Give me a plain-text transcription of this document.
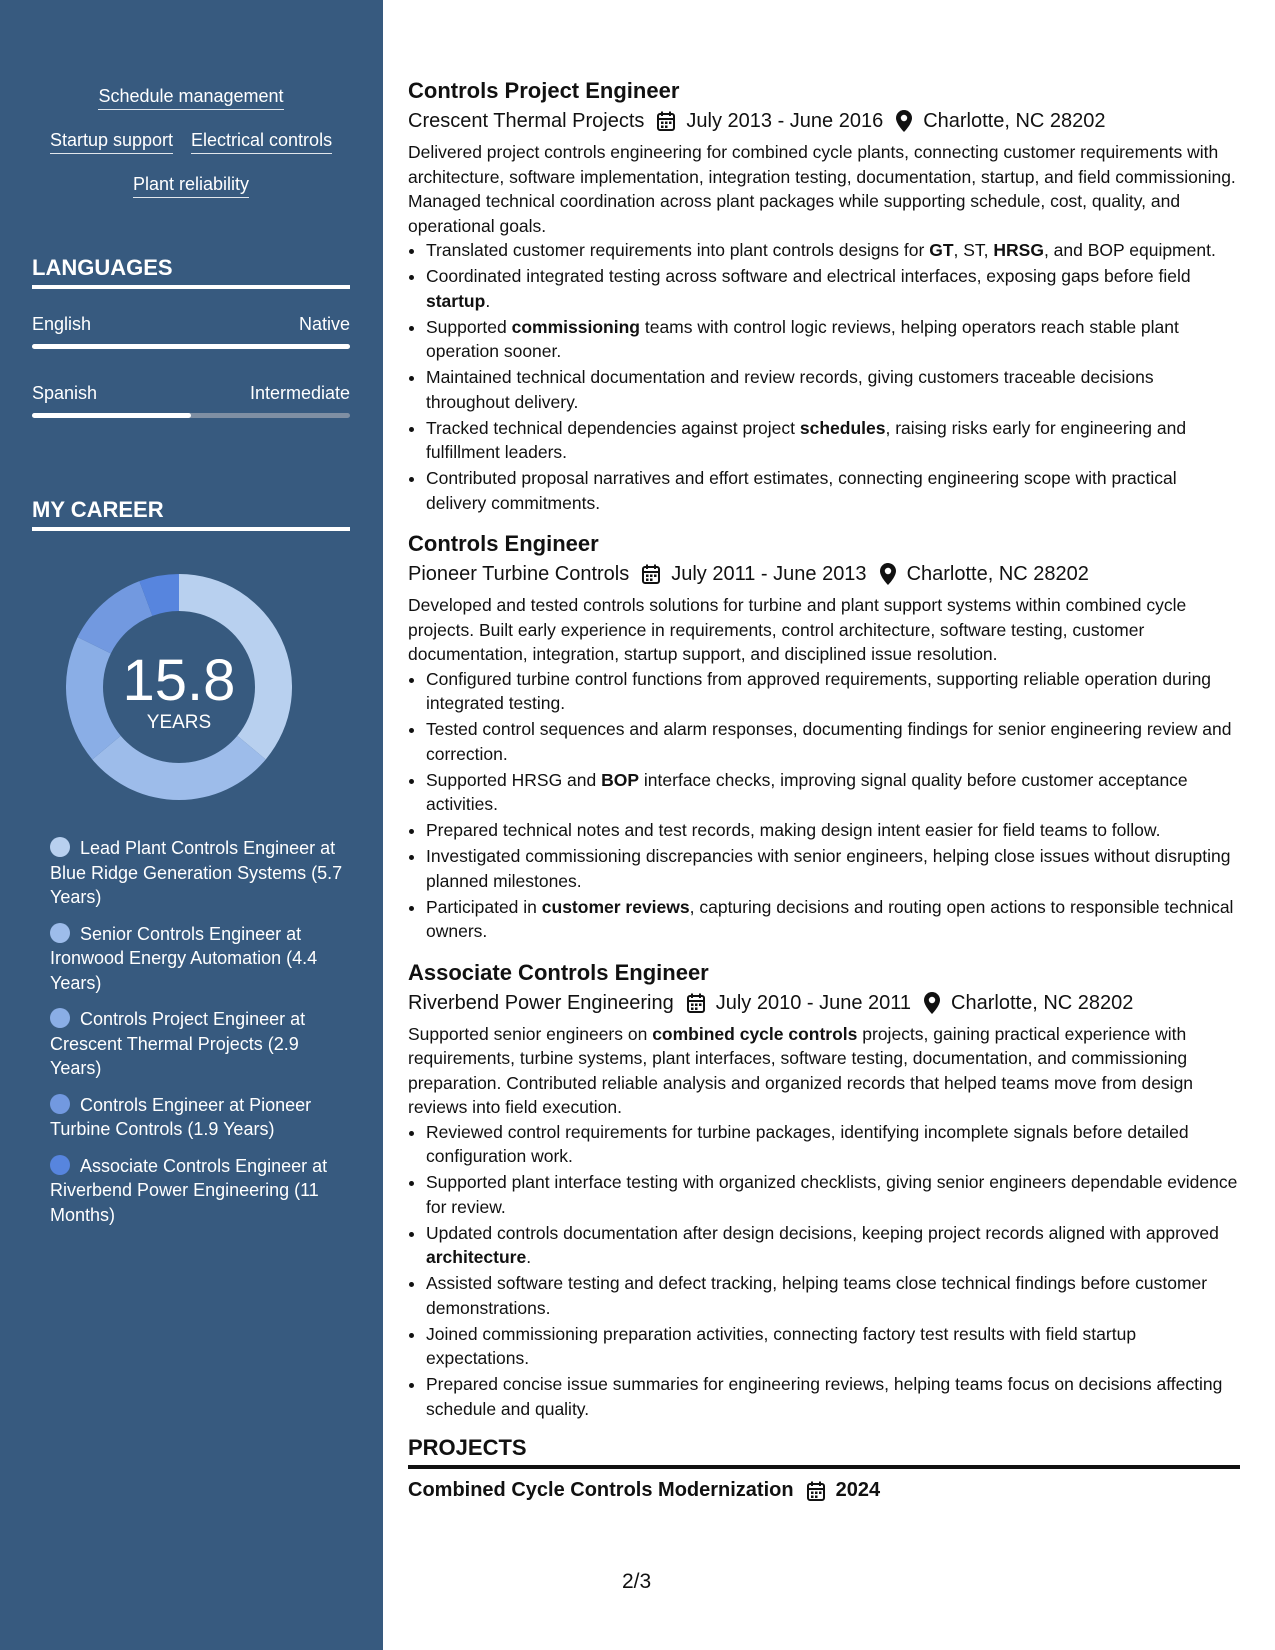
Schedule management
Startup support Electrical controls
Plant reliability
LANGUAGES
English	Native
Spanish	Intermediate
MY CAREER
15.8
YEARS
Lead Plant Controls Engineer at Blue Ridge Generation Systems (5.7 Years)
Senior Controls Engineer at Ironwood Energy Automation (4.4 Years)
Controls Project Engineer at Crescent Thermal Projects (2.9 Years)
Controls Engineer at Pioneer Turbine Controls (1.9 Years)
Associate Controls Engineer at Riverbend Power Engineering (11 Months)
Controls Project Engineer
Crescent Thermal Projects July 2013 - June 2016 Charlotte, NC 28202
Delivered project controls engineering for combined cycle plants, connecting customer requirements with architecture, software implementation, integration testing, documentation, startup, and field commissioning. Managed technical coordination across plant packages while supporting schedule, cost, quality, and operational goals.
• Translated customer requirements into plant controls designs for GT, ST, HRSG, and BOP equipment.
• Coordinated integrated testing across software and electrical interfaces, exposing gaps before field startup.
• Supported commissioning teams with control logic reviews, helping operators reach stable plant operation sooner.
• Maintained technical documentation and review records, giving customers traceable decisions throughout delivery.
• Tracked technical dependencies against project schedules, raising risks early for engineering and fulfillment leaders.
• Contributed proposal narratives and effort estimates, connecting engineering scope with practical delivery commitments.
Controls Engineer
Pioneer Turbine Controls July 2011 - June 2013 Charlotte, NC 28202
Developed and tested controls solutions for turbine and plant support systems within combined cycle projects. Built early experience in requirements, control architecture, software testing, customer documentation, integration, startup support, and disciplined issue resolution.
• Configured turbine control functions from approved requirements, supporting reliable operation during integrated testing.
• Tested control sequences and alarm responses, documenting findings for senior engineering review and correction.
• Supported HRSG and BOP interface checks, improving signal quality before customer acceptance activities.
• Prepared technical notes and test records, making design intent easier for field teams to follow.
• Investigated commissioning discrepancies with senior engineers, helping close issues without disrupting planned milestones.
• Participated in customer reviews, capturing decisions and routing open actions to responsible technical owners.
Associate Controls Engineer
Riverbend Power Engineering July 2010 - June 2011 Charlotte, NC 28202
Supported senior engineers on combined cycle controls projects, gaining practical experience with requirements, turbine systems, plant interfaces, software testing, documentation, and commissioning preparation. Contributed reliable analysis and organized records that helped teams move from design reviews into field execution.
• Reviewed control requirements for turbine packages, identifying incomplete signals before detailed configuration work.
• Supported plant interface testing with organized checklists, giving senior engineers dependable evidence for review.
• Updated controls documentation after design decisions, keeping project records aligned with approved architecture.
• Assisted software testing and defect tracking, helping teams close technical findings before customer demonstrations.
• Joined commissioning preparation activities, connecting factory test results with field startup expectations.
• Prepared concise issue summaries for engineering reviews, helping teams focus on decisions affecting schedule and quality.
PROJECTS
Combined Cycle Controls Modernization 2024
2/3
